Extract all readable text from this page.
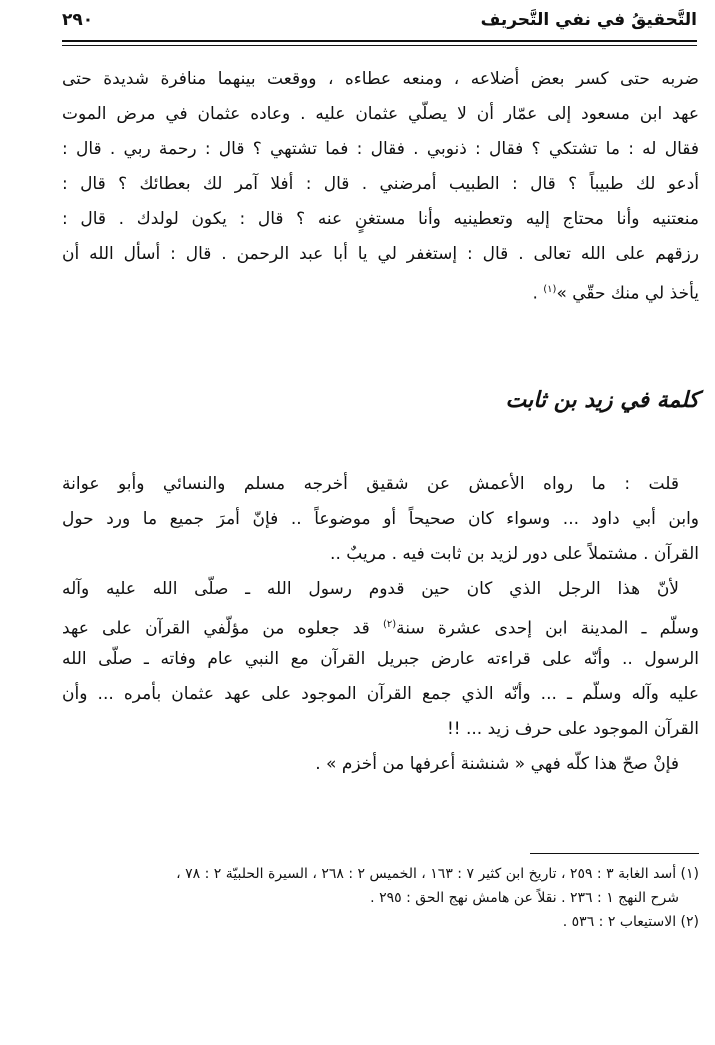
التَّحقيقُ في نفي التَّحريف
٢٩٠
ضربه حتى كسر بعض أضلاعه ، ومنعه عطاءه ، ووقعت بينهما منافرة شديدة حتى
عهد ابن مسعود إلى عمّار أن لا يصلّي عثمان عليه . وعاده عثمان في مرض الموت
فقال له : ما تشتكي ؟ فقال : ذنوبي . فقال : فما تشتهي ؟ قال : رحمة ربي . قال :
أدعو لك طبيباً ؟ قال : الطبيب أمرضني . قال : أفلا آمر لك بعطائك ؟ قال :
منعتنيه وأنا محتاج إليه وتعطينيه وأنا مستغنٍ عنه ؟ قال : يكون لولدك . قال :
رزقهم على الله تعالى . قال : إستغفر لي يا أبا عبد الرحمن . قال : أسأل الله أن
يأخذ لي منك حقّي »$^{(١)}$ .
كلمة في زيد بن ثابت
قلت : ما رواه الأعمش عن شقيق أخرجه مسلم والنسائي وأبو عوانة
وابن أبي داود ... وسواء كان صحيحاً أو موضوعاً .. فإنّ أمرَ جميع ما ورد حول
القرآن . مشتملاً على دور لزيد بن ثابت فيه . مريبٌ ..
لأنّ هذا الرجل الذي كان حين قدوم رسول الله ـ صلّى الله عليه وآله
وسلّم ـ المدينة ابن إحدى عشرة سنة$^{(٢)}$ قد جعلوه من مؤلّفي القرآن على عهد
الرسول .. وأنّه على قراءته عارض جبريل القرآن مع النبي عام وفاته ـ صلّى الله
عليه وآله وسلّم ـ ... وأنّه الذي جمع القرآن الموجود على عهد عثمان بأمره ... وأن
القرآن الموجود على حرف زيد ... !!
فإنْ صحّ هذا كلّه فهي « شنشنة أعرفها من أخزم » .
(١) أسد الغابة ٣ : ٢٥٩ ، تاريخ ابن كثير ٧ : ١٦٣ ، الخميس ٢ : ٢٦٨ ، السيرة الحلبيّة ٢ : ٧٨ ،
شرح النهج ١ : ٢٣٦ . نقلاً عن هامش نهج الحق : ٢٩٥ .
(٢) الاستيعاب ٢ : ٥٣٦ .
